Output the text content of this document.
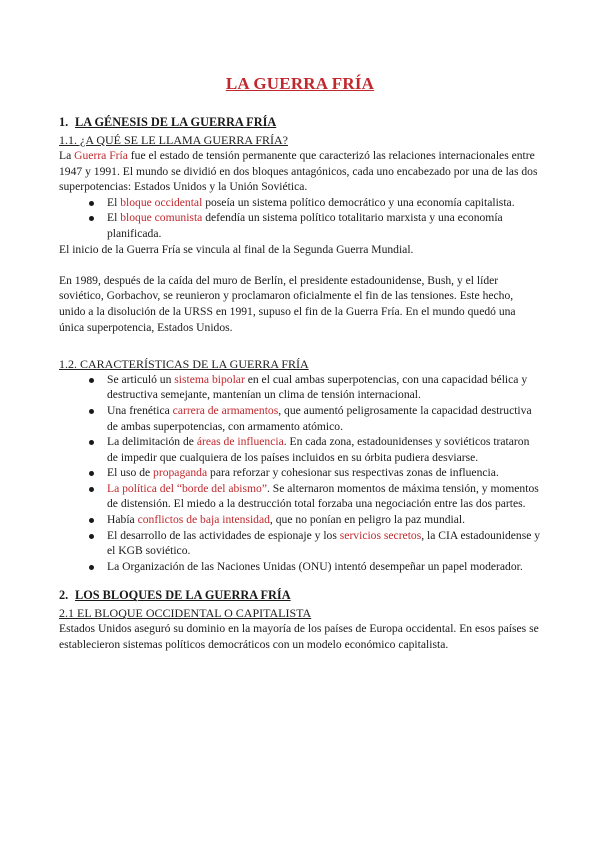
LA GUERRA FRÍA
1. LA GÉNESIS DE LA GUERRA FRÍA
1.1. ¿A QUÉ SE LE LLAMA GUERRA FRÍA?

La Guerra Fría fue el estado de tensión permanente que caracterizó las relaciones internacionales entre 1947 y 1991. El mundo se dividió en dos bloques antagónicos, cada uno encabezado por una de las dos superpotencias: Estados Unidos y la Unión Soviética.

El bloque occidental poseía un sistema político democrático y una economía capitalista.
El bloque comunista defendía un sistema político totalitario marxista y una economía planificada.

El inicio de la Guerra Fría se vincula al final de la Segunda Guerra Mundial.

En 1989, después de la caída del muro de Berlín, el presidente estadounidense, Bush, y el líder soviético, Gorbachov, se reunieron y proclamaron oficialmente el fin de las tensiones. Este hecho, unido a la disolución de la URSS en 1991, supuso el fin de la Guerra Fría. En el mundo quedó una única superpotencia, Estados Unidos.

1.2. CARACTERÍSTICAS DE LA GUERRA FRÍA
Se articuló un sistema bipolar en el cual ambas superpotencias, con una capacidad bélica y destructiva semejante, mantenían un clima de tensión internacional.
Una frenética carrera de armamentos, que aumentó peligrosamente la capacidad destructiva de ambas superpotencias, con armamento atómico.
La delimitación de áreas de influencia. En cada zona, estadounidenses y soviéticos trataron de impedir que cualquiera de los países incluidos en su órbita pudiera desviarse.
El uso de propaganda para reforzar y cohesionar sus respectivas zonas de influencia.
La política del “borde del abismo”. Se alternaron momentos de máxima tensión, y momentos de distensión. El miedo a la destrucción total forzaba una negociación entre las dos partes.
Había conflictos de baja intensidad, que no ponían en peligro la paz mundial.
El desarrollo de las actividades de espionaje y los servicios secretos, la CIA estadounidense y el KGB soviético.
La Organización de las Naciones Unidas (ONU) intentó desempeñar un papel moderador.
2. LOS BLOQUES DE LA GUERRA FRÍA
2.1 EL BLOQUE OCCIDENTAL O CAPITALISTA

Estados Unidos aseguró su dominio en la mayoría de los países de Europa occidental. En esos países se establecieron sistemas políticos democráticos con un modelo económico capitalista.
